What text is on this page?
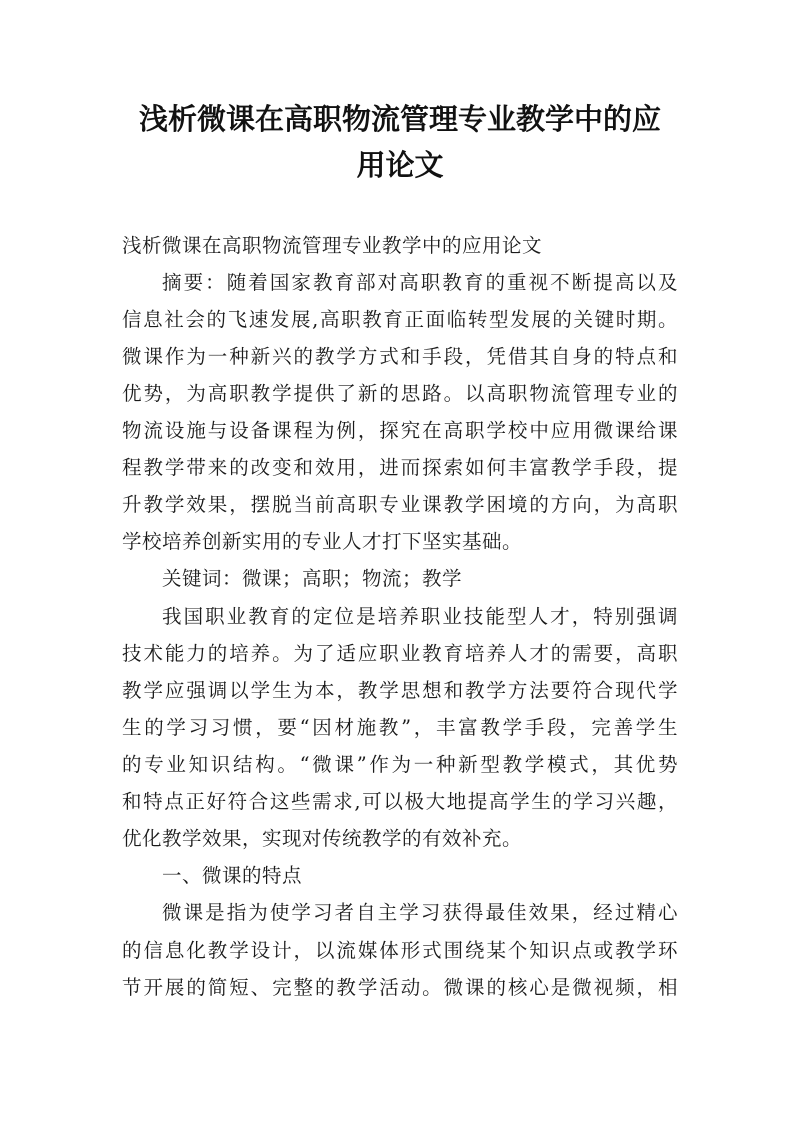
浅析微课在高职物流管理专业教学中的应
用论文
浅析微课在高职物流管理专业教学中的应用论文
摘要：随着国家教育部对高职教育的重视不断提高以及
信息社会的飞速发展,高职教育正面临转型发展的关键时期。
微课作为一种新兴的教学方式和手段，凭借其自身的特点和
优势，为高职教学提供了新的思路。以高职物流管理专业的
物流设施与设备课程为例，探究在高职学校中应用微课给课
程教学带来的改变和效用，进而探索如何丰富教学手段，提
升教学效果，摆脱当前高职专业课教学困境的方向，为高职
学校培养创新实用的专业人才打下坚实基础。
关键词：微课；高职；物流；教学
我国职业教育的定位是培养职业技能型人才，特别强调
技术能力的培养。为了适应职业教育培养人才的需要，高职
教学应强调以学生为本，教学思想和教学方法要符合现代学
生的学习习惯，要“因材施教”，丰富教学手段，完善学生
的专业知识结构。“微课”作为一种新型教学模式，其优势
和特点正好符合这些需求,可以极大地提高学生的学习兴趣，
优化教学效果，实现对传统教学的有效补充。
一、微课的特点
微课是指为使学习者自主学习获得最佳效果，经过精心
的信息化教学设计，以流媒体形式围绕某个知识点或教学环
节开展的简短、完整的教学活动。微课的核心是微视频，相
